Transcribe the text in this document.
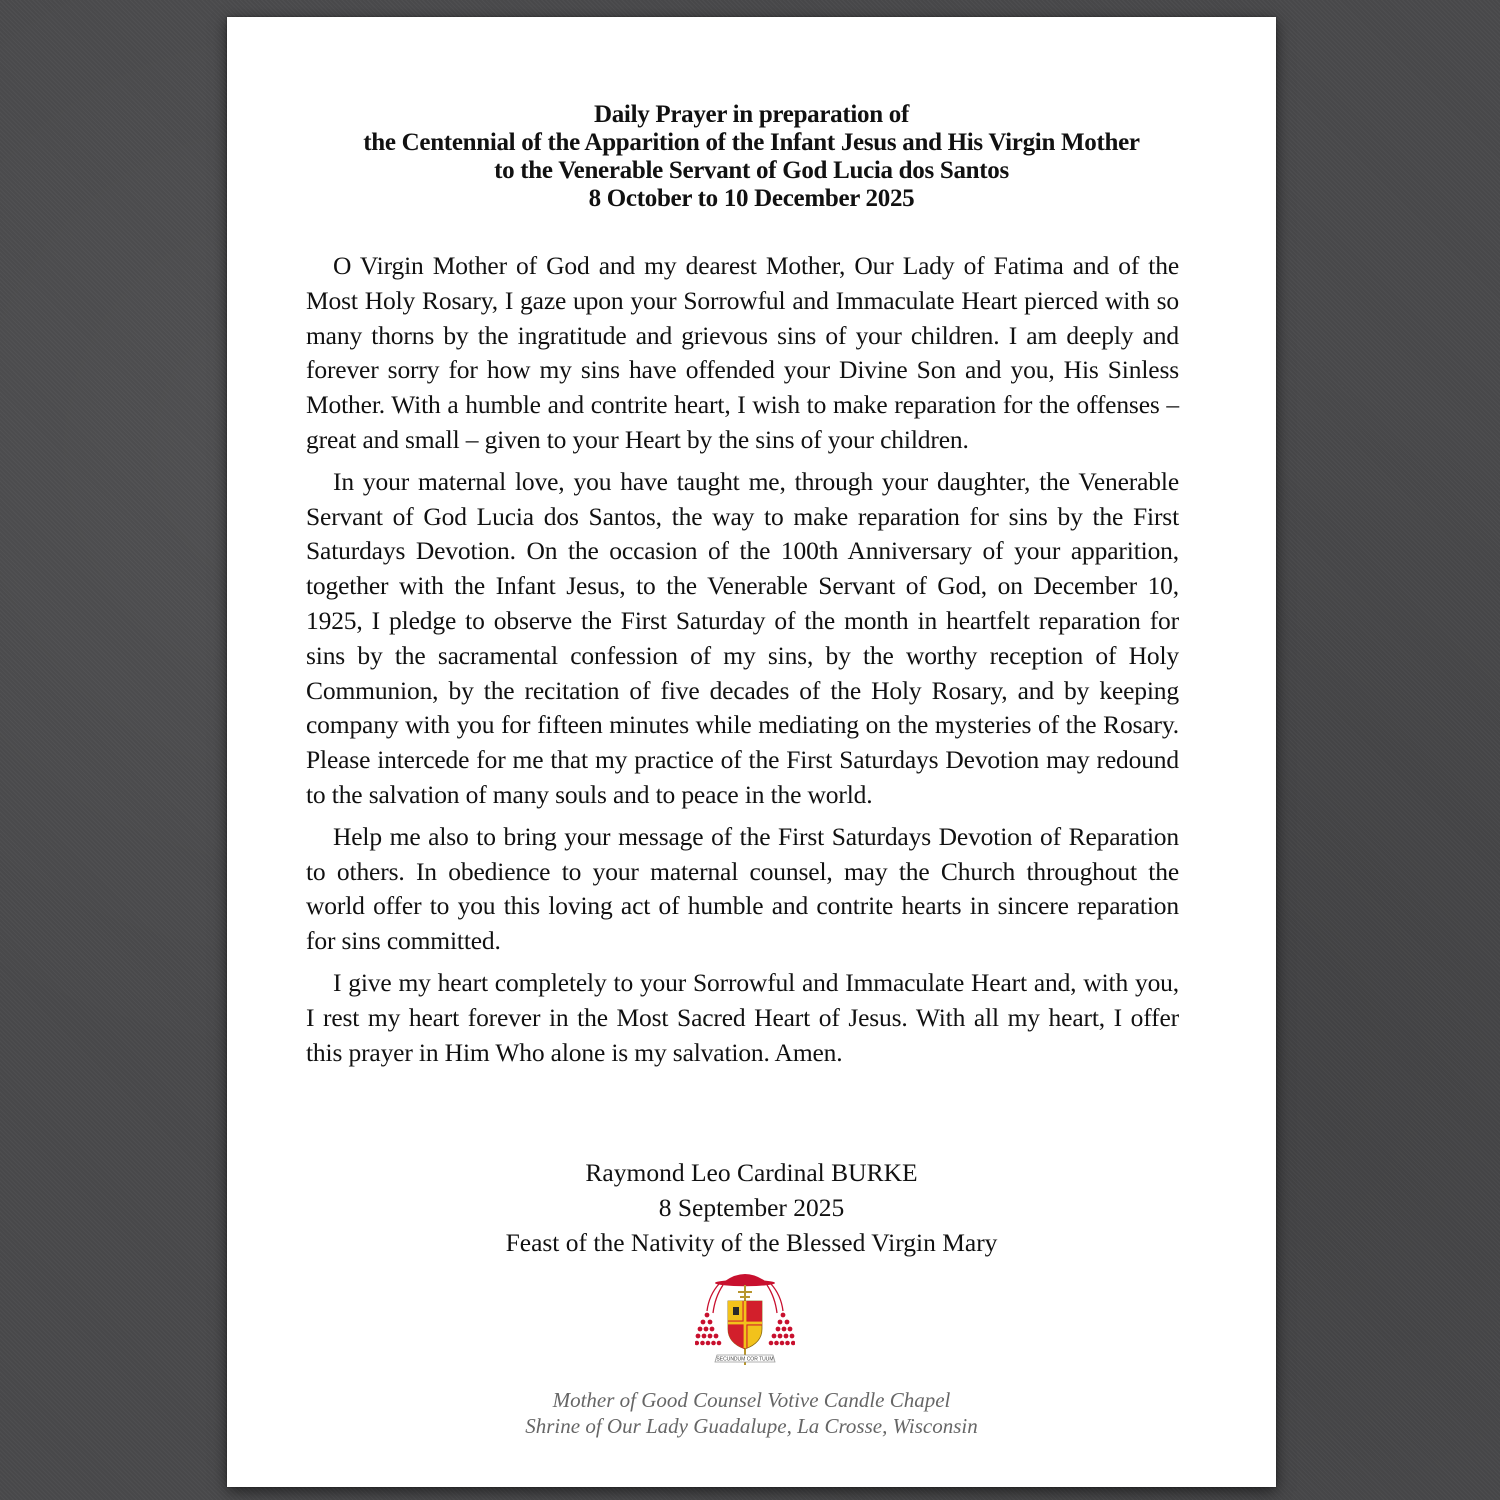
Daily Prayer in preparation of
the Centennial of the Apparition of the Infant Jesus and His Virgin Mother
to the Venerable Servant of God Lucia dos Santos
8 October to 10 December 2025

O Virgin Mother of God and my dearest Mother, Our Lady of Fatima and of the Most Holy Rosary, I gaze upon your Sorrowful and Immaculate Heart pierced with so many thorns by the ingratitude and grievous sins of your children. I am deeply and forever sorry for how my sins have offended your Divine Son and you, His Sinless Mother. With a humble and contrite heart, I wish to make reparation for the offenses – great and small – given to your Heart by the sins of your children.

In your maternal love, you have taught me, through your daughter, the Venerable Servant of God Lucia dos Santos, the way to make reparation for sins by the First Saturdays Devotion. On the occasion of the 100th Anniversary of your apparition, together with the Infant Jesus, to the Venerable Servant of God, on December 10, 1925, I pledge to observe the First Saturday of the month in heartfelt reparation for sins by the sacramental confession of my sins, by the worthy reception of Holy Communion, by the recitation of five decades of the Holy Rosary, and by keeping company with you for fifteen minutes while mediating on the mysteries of the Rosary. Please intercede for me that my practice of the First Saturdays Devotion may redound to the salvation of many souls and to peace in the world.

Help me also to bring your message of the First Saturdays Devotion of Reparation to others. In obedience to your maternal counsel, may the Church throughout the world offer to you this loving act of humble and contrite hearts in sincere reparation for sins committed.

I give my heart completely to your Sorrowful and Immaculate Heart and, with you, I rest my heart forever in the Most Sacred Heart of Jesus. With all my heart, I offer this prayer in Him Who alone is my salvation. Amen.

Raymond Leo Cardinal BURKE
8 September 2025
Feast of the Nativity of the Blessed Virgin Mary
SECUNDUM COR TUUM
Mother of Good Counsel Votive Candle Chapel
Shrine of Our Lady Guadalupe, La Crosse, Wisconsin
